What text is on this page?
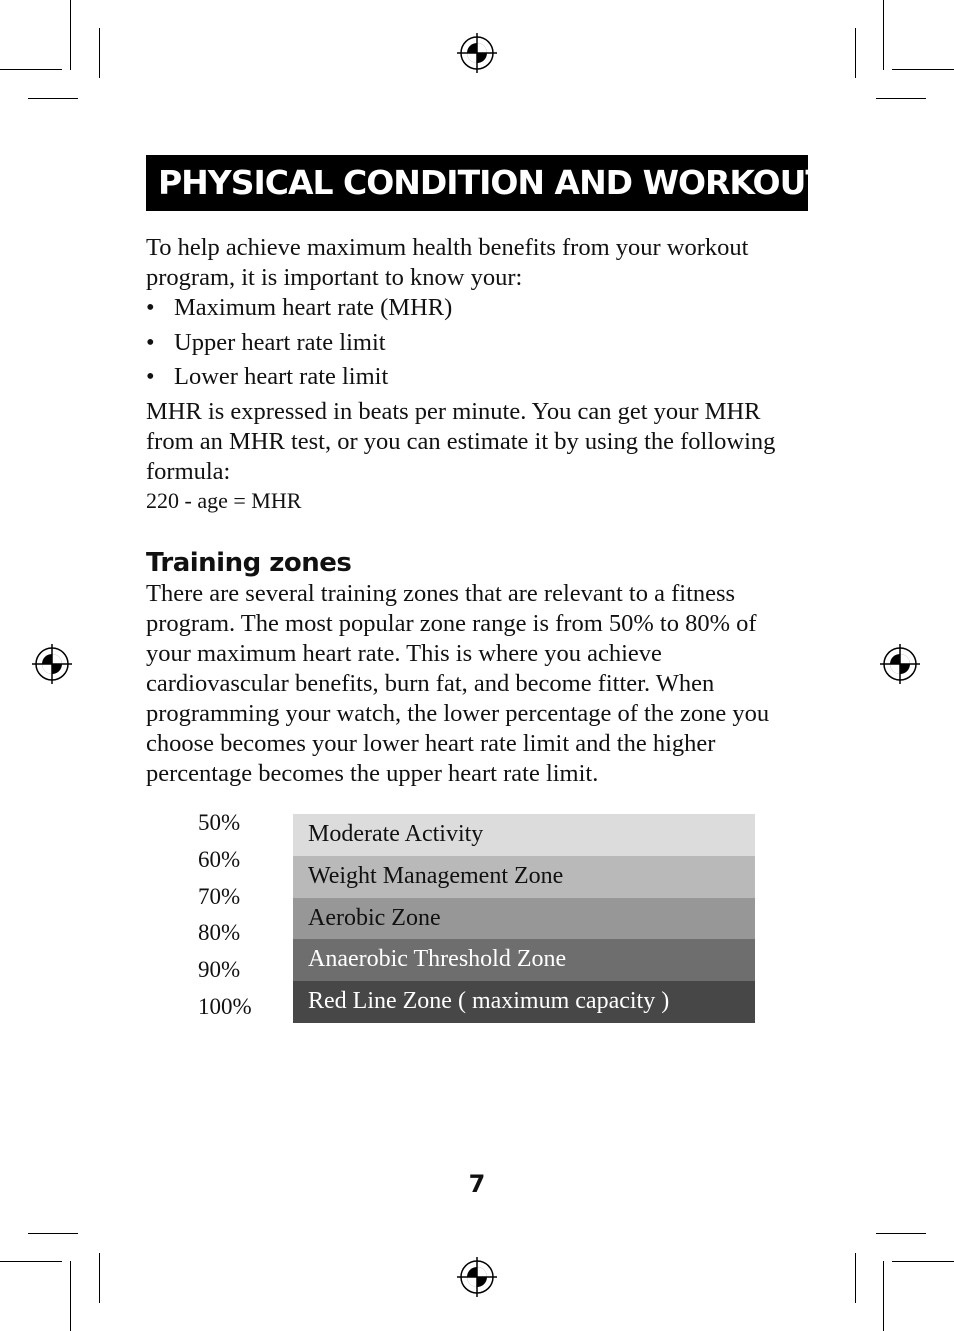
PHYSICAL CONDITION AND WORKOUT

To help achieve maximum health benefits from your workout program, it is important to know your:

• Maximum heart rate (MHR)
• Upper heart rate limit
• Lower heart rate limit

MHR is expressed in beats per minute. You can get your MHR from an MHR test, or you can estimate it by using the following formula:

220 - age = MHR
Training zones

There are several training zones that are relevant to a fitness program. The most popular zone range is from 50% to 80% of your maximum heart rate. This is where you achieve cardiovascular benefits, burn fat, and become fitter. When programming your watch, the lower percentage of the zone you choose becomes your lower heart rate limit and the higher percentage becomes the upper heart rate limit.

50%
60%
70%
80%
90%
100%
Moderate Activity
Weight Management Zone
Aerobic Zone
Anaerobic Threshold Zone
Red Line Zone ( maximum capacity )
7
